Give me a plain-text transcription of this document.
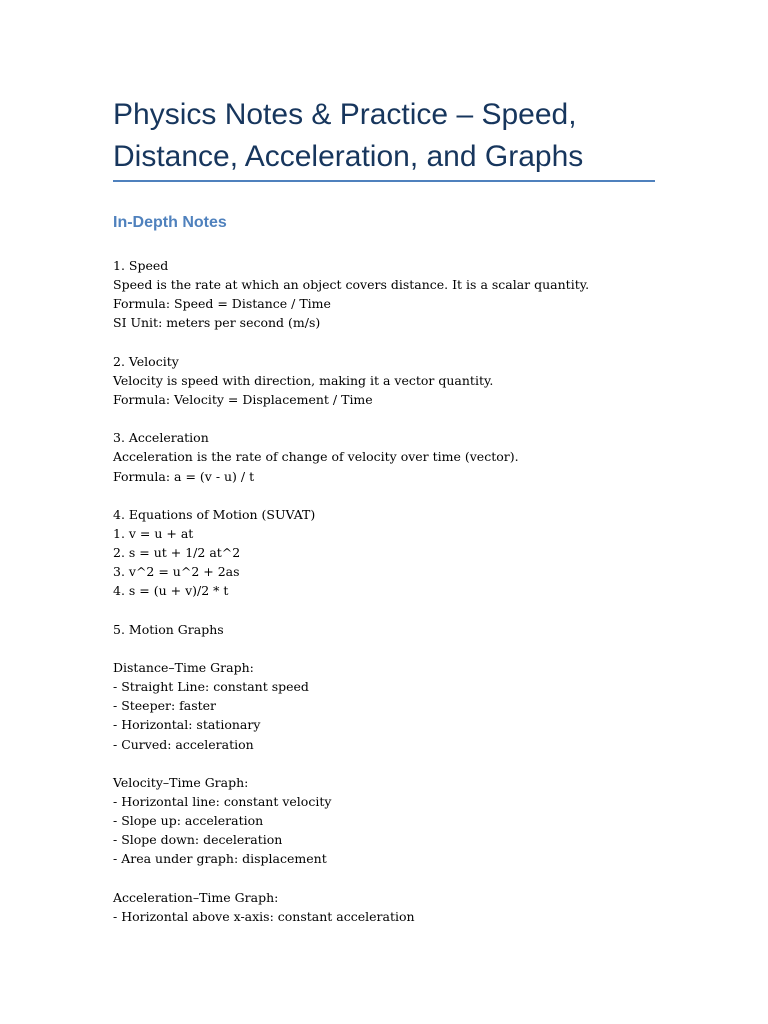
Physics Notes & Practice – Speed, Distance, Acceleration, and Graphs
In-Depth Notes
1. Speed
Speed is the rate at which an object covers distance. It is a scalar quantity.
Formula: Speed = Distance / Time
SI Unit: meters per second (m/s)
2. Velocity
Velocity is speed with direction, making it a vector quantity.
Formula: Velocity = Displacement / Time
3. Acceleration
Acceleration is the rate of change of velocity over time (vector).
Formula: a = (v - u) / t
4. Equations of Motion (SUVAT)
1. v = u + at
2. s = ut + 1/2 at^2
3. v^2 = u^2 + 2as
4. s = (u + v)/2 * t
5. Motion Graphs
Distance–Time Graph:
- Straight Line: constant speed
- Steeper: faster
- Horizontal: stationary
- Curved: acceleration
Velocity–Time Graph:
- Horizontal line: constant velocity
- Slope up: acceleration
- Slope down: deceleration
- Area under graph: displacement
Acceleration–Time Graph:
- Horizontal above x-axis: constant acceleration
